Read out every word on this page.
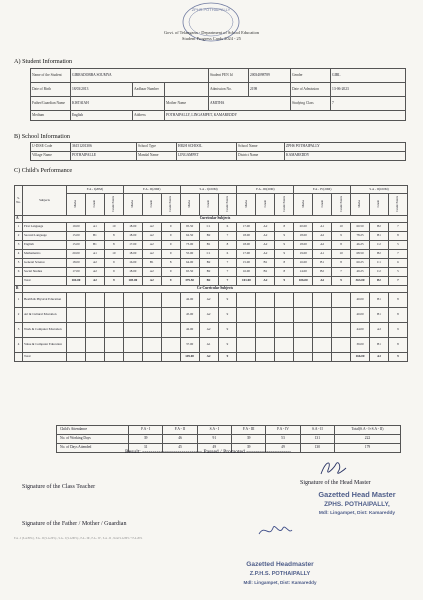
ZPHS POTHAIPALLY
Govt. of Telangana - Department of School Education
Student Progress Cards 2024 - 25
A) Student Information
Name of the Student	GIRRADOBBA SOUMYA			Student PEN Id	20034098789	Gender	GIRL
Date of Birth	18/03/2013	Aadhaar Number		Admission No.	2198	Date of Admission	13-06-2023
Father/Guardian Name	KISTAIAH		Mother Name	AMITHA		Studying Class	7
Medium	English	Address	POTHAIPALLY, LINGAMPET, KAMAREDDY				
B) School Information
U-DISE Code	36151201306	School Type	HIGH SCHOOL	School Name	ZPHS POTHAIPALLY
Village Name	POTHAIPALLE	Mandal Name	LINGAMPET	District Name	KAMAREDDY
C) Child's Performance
S. No.	Subjects	F.A - I(20M)			F.A - II(20M)			S.A - I(100M)			F.A - III(20M)			F.A - IV(20M)			S.A - II(100M)		
		Marks	Grade	Grade Points	Marks	Grade	Grade Points	Marks	Grade	Grade Points	Marks	Grade	Grade Points	Marks	Grade	Grade Points	Marks	Grade	Grade Points
A	Curricular Subjects																		
1	First Language	19.00	A1	10	18.00	A2	9	95.50	C1	6	17.00	A2	8	20.00	A1	10	60.50	B2	7
2	Second Language	15.00	B1	8	18.00	A2	9	62.50	B2	7	18.00	A2	9	18.00	A2	9	78.25	B1	8
3	English	15.00	B1	8	17.00	A2	9	73.00	B1	8	18.00	A2	9	18.00	A2	8	46.25	C2	5
4	Mathematics	20.00	A1	10	18.00	A2	9	55.00	C1	6	17.00	A2	9	19.00	A1	10	68.50	B2	7
5	General Science	18.00	A2	9	16.00	B1	8	64.00	B2	7	15.00	B1	8	16.00	B1	8	60.25	C1	6
6	Social Studies	17.00	A2	9	18.00	A2	9	65.50	B2	7	16.00	B1	8	14.00	B2	7	49.25	C2	5
	Total	104.00	A2	9	105.00	A2	9	379.50	B2	7	101.00	A2	9	106.00	A2	9	363.00	B2	7
B	Co-Curricular Subjects																		
1	Health & Physical Education							42.00	A2	9							40.00	B1	8
2	Art & Cultural Education							45.00	A2	9							40.00	B1	8
3	Work & Computer Education							42.00	A2	9							44.00	A2	9
4	Value & Computer Education							37.00	A1	9							39.00	B1	8
	Total							149.00	A2	9							166.00	A2	9
Child's Attendance	F.A - I	F.A - II	S.A - I	F.A - III	F.A - IV	S.A - II	Total(S.A - I+S.A - II)
No. of Working Days	39	46	91	39	53	131	222
No. of Days Attended	31	45	49	39	49	130	179
Result: ----------------------------- Passed / Promoted ------------------------
Signature of the Head Master
Gazetted Head Master
ZPHS. POTHAIPALLY,
Mdl: Lingampet, Dist: Kamareddy
Signature of the Class Teacher
Signature of the Father / Mother / Guardian
F.A - I (S.A 80%) , F.A - II (S.A 20%) , S.A - I (S.A 80%) , F.A - III , F.A - IV , S.A - II , Total S.A 80% + F.A 20%
Gazetted Headmaster
Z.P.H.S. POTHAIPALLY
Mdl: Lingampet, Dist: Kamareddy
